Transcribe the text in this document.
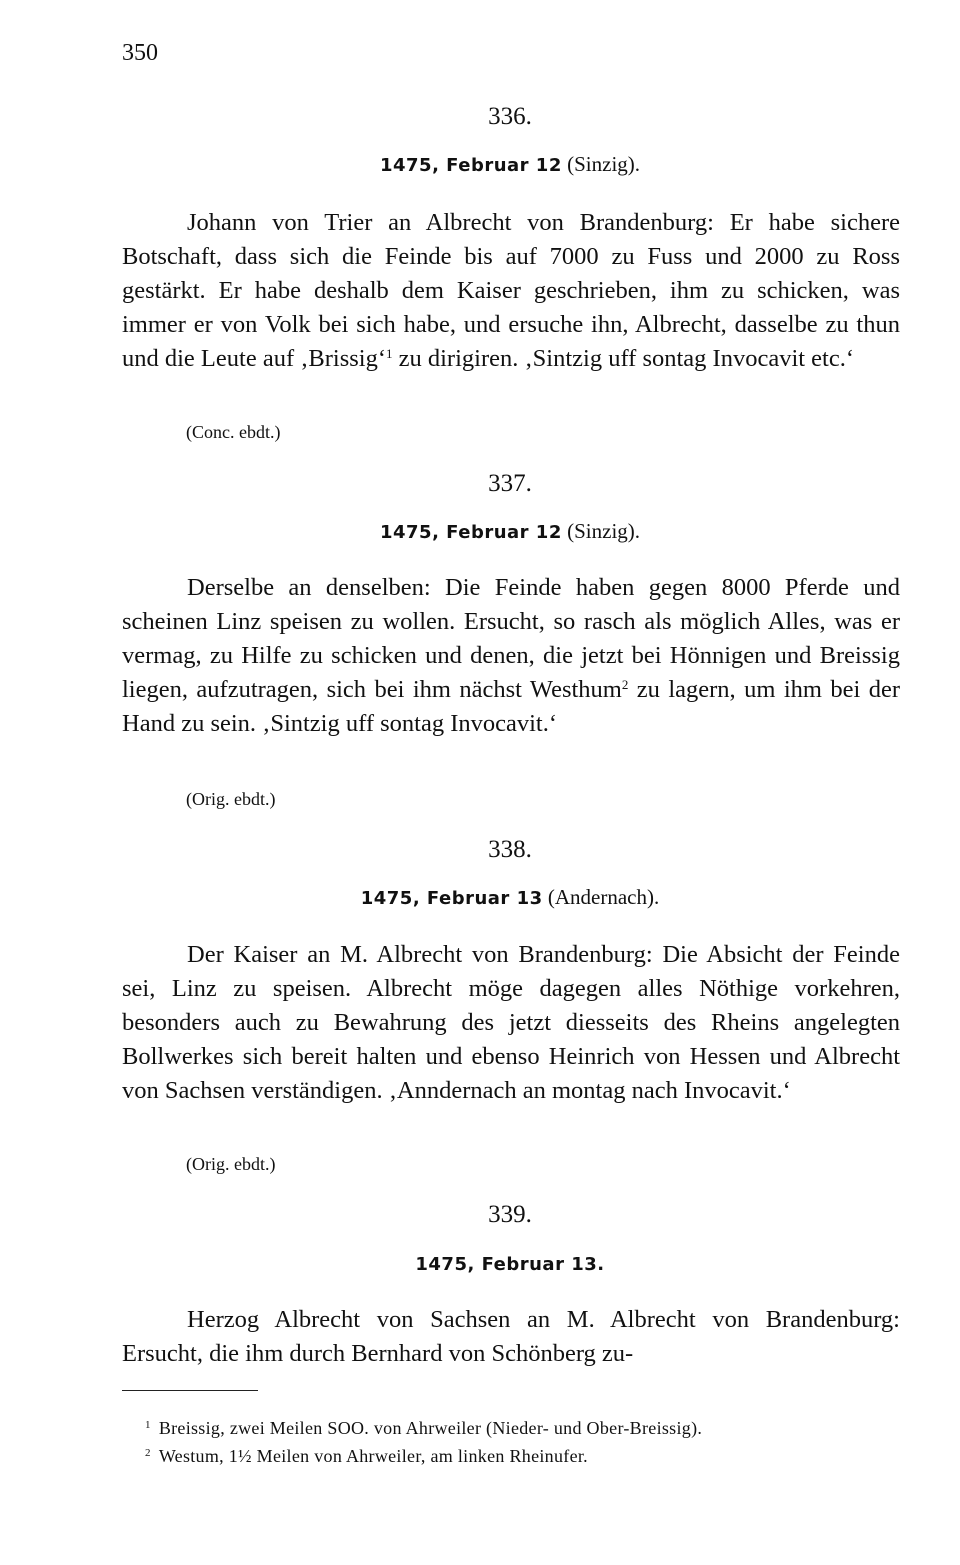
350
336.
1475, Februar 12 (Sinzig).

Johann von Trier an Albrecht von Brandenburg: Er habe sichere Botschaft, dass sich die Feinde bis auf 7000 zu Fuss und 2000 zu Ross gestärkt. Er habe deshalb dem Kaiser geschrieben, ihm zu schicken, was immer er von Volk bei sich habe, und ersuche ihn, Albrecht, dasselbe zu thun und die Leute auf ‚Brissig‘$^1$ zu dirigiren. ‚Sintzig uff sontag Invocavit etc.‘

(Conc. ebdt.)
337.
1475, Februar 12 (Sinzig).

Derselbe an denselben: Die Feinde haben gegen 8000 Pferde und scheinen Linz speisen zu wollen. Ersucht, so rasch als möglich Alles, was er vermag, zu Hilfe zu schicken und denen, die jetzt bei Hönnigen und Breissig liegen, aufzutragen, sich bei ihm nächst Westhum$^2$ zu lagern, um ihm bei der Hand zu sein. ‚Sintzig uff sontag Invocavit.‘

(Orig. ebdt.)
338.
1475, Februar 13 (Andernach).

Der Kaiser an M. Albrecht von Brandenburg: Die Absicht der Feinde sei, Linz zu speisen. Albrecht möge dagegen alles Nöthige vorkehren, besonders auch zu Bewahrung des jetzt diesseits des Rheins angelegten Bollwerkes sich bereit halten und ebenso Heinrich von Hessen und Albrecht von Sachsen verständigen. ‚Anndernach an montag nach Invocavit.‘

(Orig. ebdt.)
339.
1475, Februar 13.

Herzog Albrecht von Sachsen an M. Albrecht von Brandenburg: Ersucht, die ihm durch Bernhard von Schönberg zu-

$^1$ Breissig, zwei Meilen SOO. von Ahrweiler (Nieder- und Ober-Breissig).
$^2$ Westum, 1½ Meilen von Ahrweiler, am linken Rheinufer.
